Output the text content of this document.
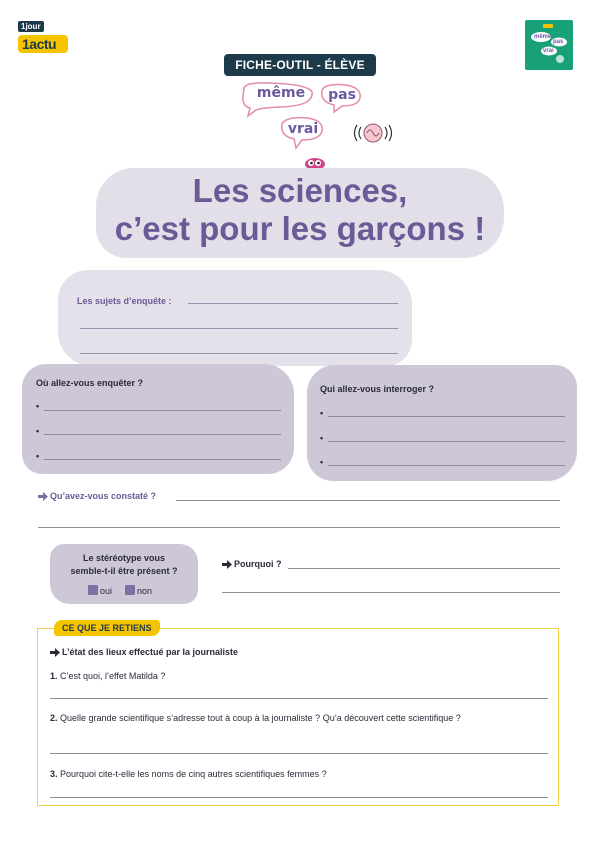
1jour
1actu	même
pas
vrai
FICHE-OUTIL - ÉLÈVE
même	pas
vrai
Les sciences,
c’est pour les garçons !
Les sujets d’enquête :
Où allez-vous enquêter ?
•
•
•
Qui allez-vous interroger ?
•
•
•
Qu’avez-vous constaté ?
Le stéréotype vous
semble-t-il être présent ?
oui	non
Pourquoi ?
CE QUE JE RETIENS
L’état des lieux effectué par la journaliste
1. C’est quoi, l’effet Matilda ?
2. Quelle grande scientifique s’adresse tout à coup à la journaliste ? Qu’a découvert cette scientifique ?
3. Pourquoi cite-t-elle les noms de cinq autres scientifiques femmes ?
